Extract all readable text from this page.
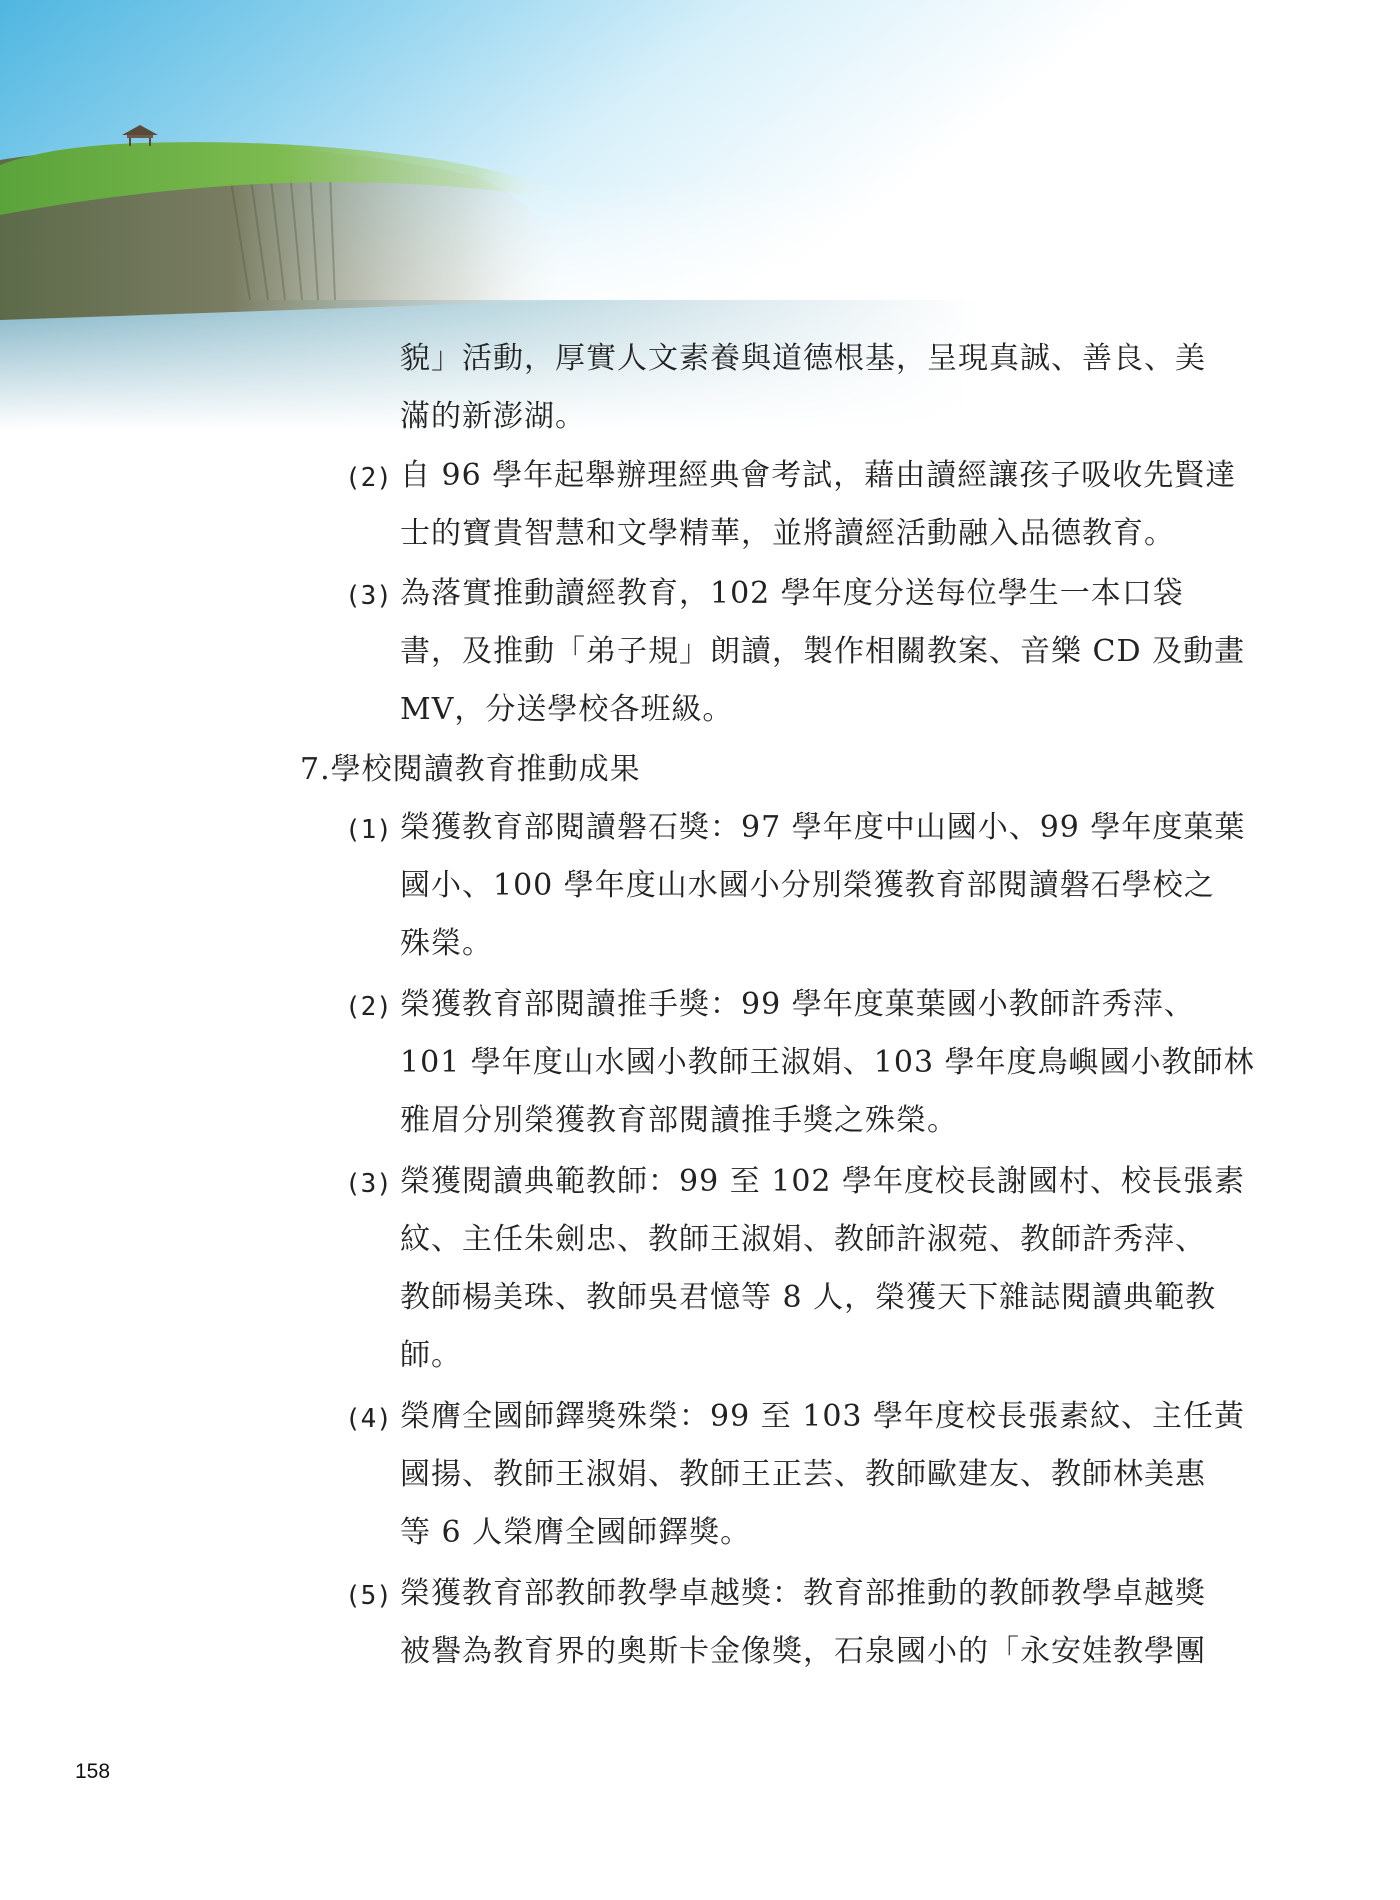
貌」活動，厚實人文素養與道德根基，呈現真誠、善良、美
滿的新澎湖。
(2) 自 96 學年起舉辦理經典會考試，藉由讀經讓孩子吸收先賢達
士的寶貴智慧和文學精華，並將讀經活動融入品德教育。
(3) 為落實推動讀經教育，102 學年度分送每位學生一本口袋
書，及推動「弟子規」朗讀，製作相關教案、音樂 CD 及動畫
MV，分送學校各班級。
7.學校閱讀教育推動成果
(1) 榮獲教育部閱讀磐石獎：97 學年度中山國小、99 學年度菓葉
國小、100 學年度山水國小分別榮獲教育部閱讀磐石學校之
殊榮。
(2) 榮獲教育部閱讀推手獎：99 學年度菓葉國小教師許秀萍、
101 學年度山水國小教師王淑娟、103 學年度鳥嶼國小教師林
雅眉分別榮獲教育部閱讀推手獎之殊榮。
(3) 榮獲閱讀典範教師：99 至 102 學年度校長謝國村、校長張素
紋、主任朱劍忠、教師王淑娟、教師許淑菀、教師許秀萍、
教師楊美珠、教師吳君憶等 8 人，榮獲天下雜誌閱讀典範教
師。
(4) 榮膺全國師鐸獎殊榮：99 至 103 學年度校長張素紋、主任黃
國揚、教師王淑娟、教師王正芸、教師歐建友、教師林美惠
等 6 人榮膺全國師鐸獎。
(5) 榮獲教育部教師教學卓越獎：教育部推動的教師教學卓越獎
被譽為教育界的奧斯卡金像獎，石泉國小的「永安娃教學團
158
